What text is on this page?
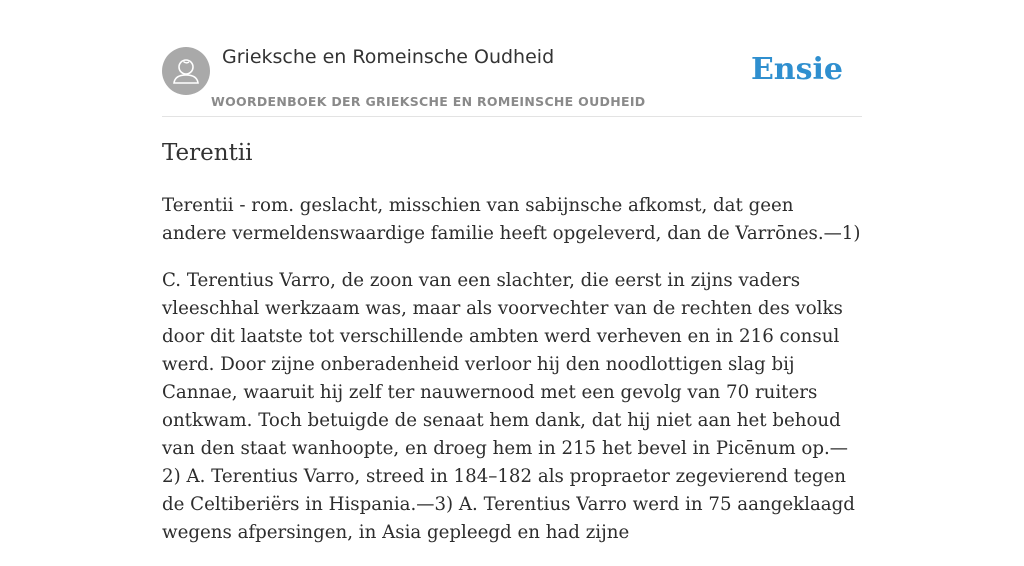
Grieksche en Romeinsche Oudheid
WOORDENBOEK DER GRIEKSCHE EN ROMEINSCHE OUDHEID
Ensie
Terentii

Terentii - rom. geslacht, misschien van sabijnsche afkomst, dat geen andere vermeldenswaardige familie heeft opgeleverd, dan de Varrōnes.—1)

C. Terentius Varro, de zoon van een slachter, die eerst in zijns vaders vleeschhal werkzaam was, maar als voorvechter van de rechten des volks door dit laatste tot verschillende ambten werd verheven en in 216 consul werd. Door zijne onberadenheid verloor hij den noodlottigen slag bij Cannae, waaruit hij zelf ter nauwernood met een gevolg van 70 ruiters ontkwam. Toch betuigde de senaat hem dank, dat hij niet aan het behoud van den staat wanhoopte, en droeg hem in 215 het bevel in Picēnum op.—2) A. Terentius Varro, streed in 184–182 als propraetor zegevierend tegen de Celtiberiërs in Hispania.—3) A. Terentius Varro werd in 75 aangeklaagd wegens afpersingen, in Asia gepleegd en had zijne
